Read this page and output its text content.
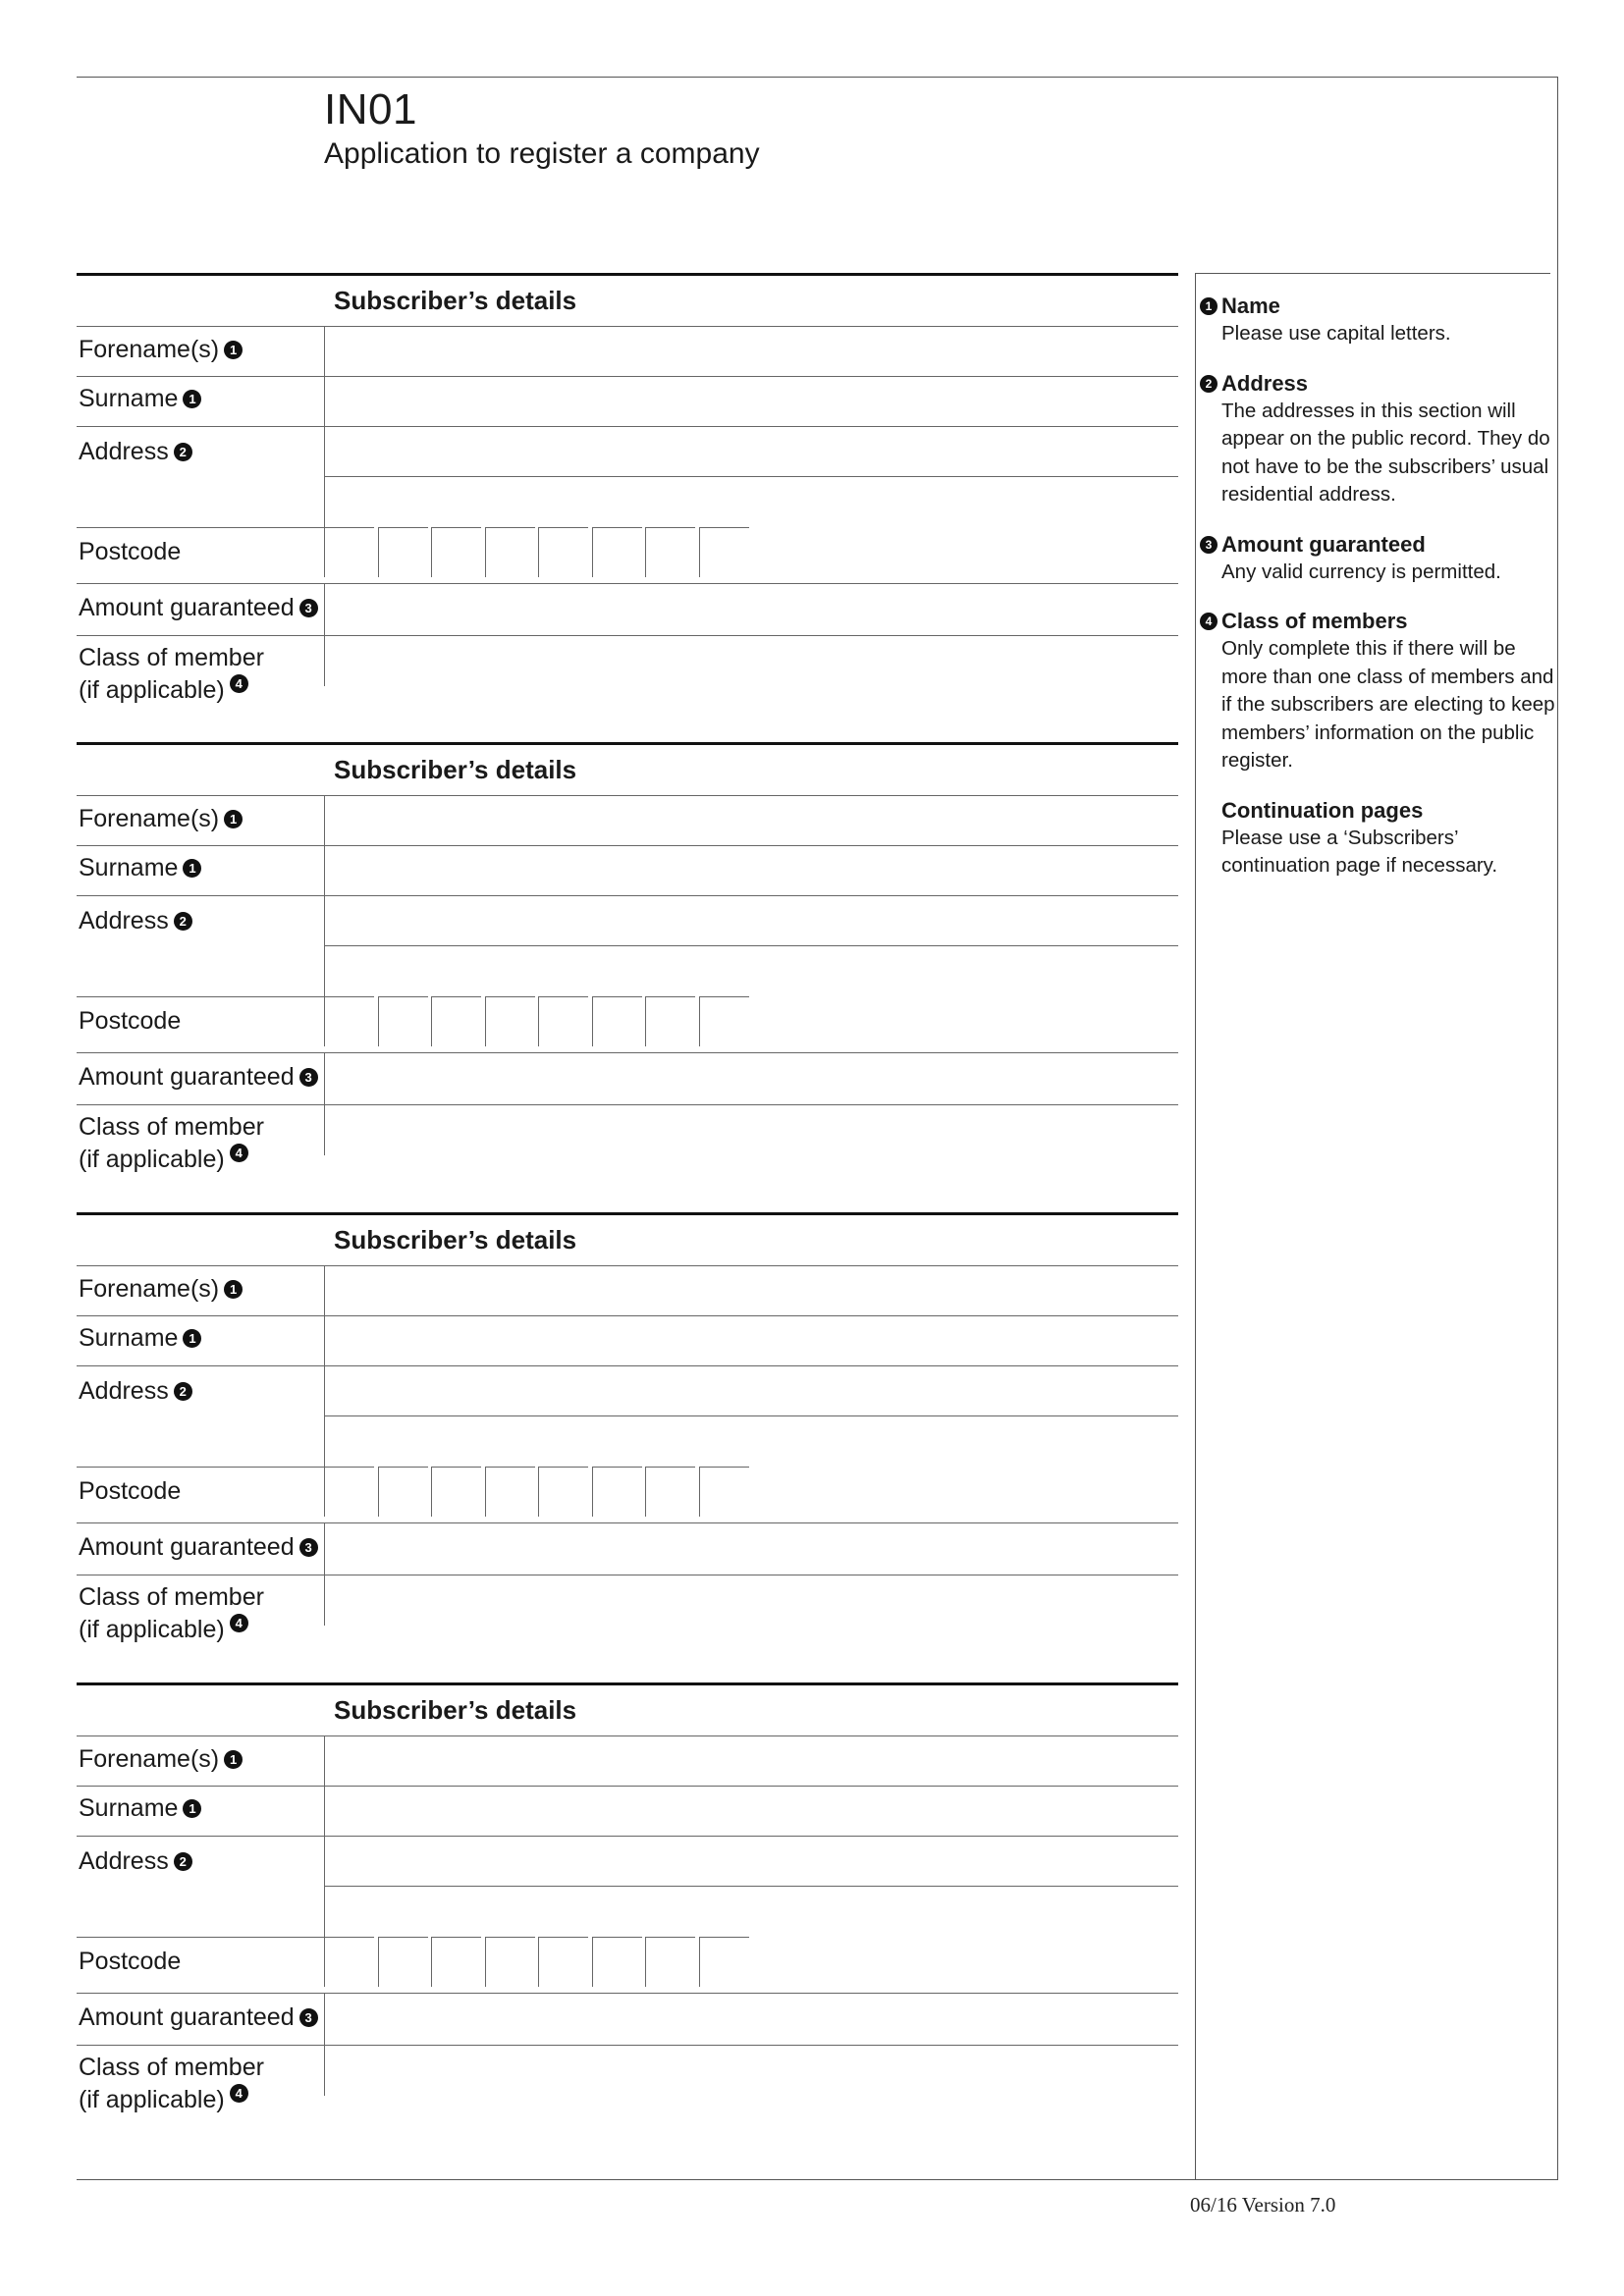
IN01
Application to register a company
Subscriber’s details
Forename(s) 1
Surname 1
Address 2
Postcode
Amount guaranteed 3
Class of member
(if applicable) 4
Subscriber’s details
Forename(s) 1
Surname 1
Address 2
Postcode
Amount guaranteed 3
Class of member
(if applicable) 4
Subscriber’s details
Forename(s) 1
Surname 1
Address 2
Postcode
Amount guaranteed 3
Class of member
(if applicable) 4
Subscriber’s details
Forename(s) 1
Surname 1
Address 2
Postcode
Amount guaranteed 3
Class of member
(if applicable) 4
1 Name
Please use capital letters.
2 Address
The addresses in this section will appear on the public record. They do not have to be the subscribers’ usual residential address.
3 Amount guaranteed
Any valid currency is permitted.
4 Class of members
Only complete this if there will be more than one class of members and if the subscribers are electing to keep members’ information on the public register.
Continuation pages
Please use a ‘Subscribers’ continuation page if necessary.
06/16 Version 7.0
